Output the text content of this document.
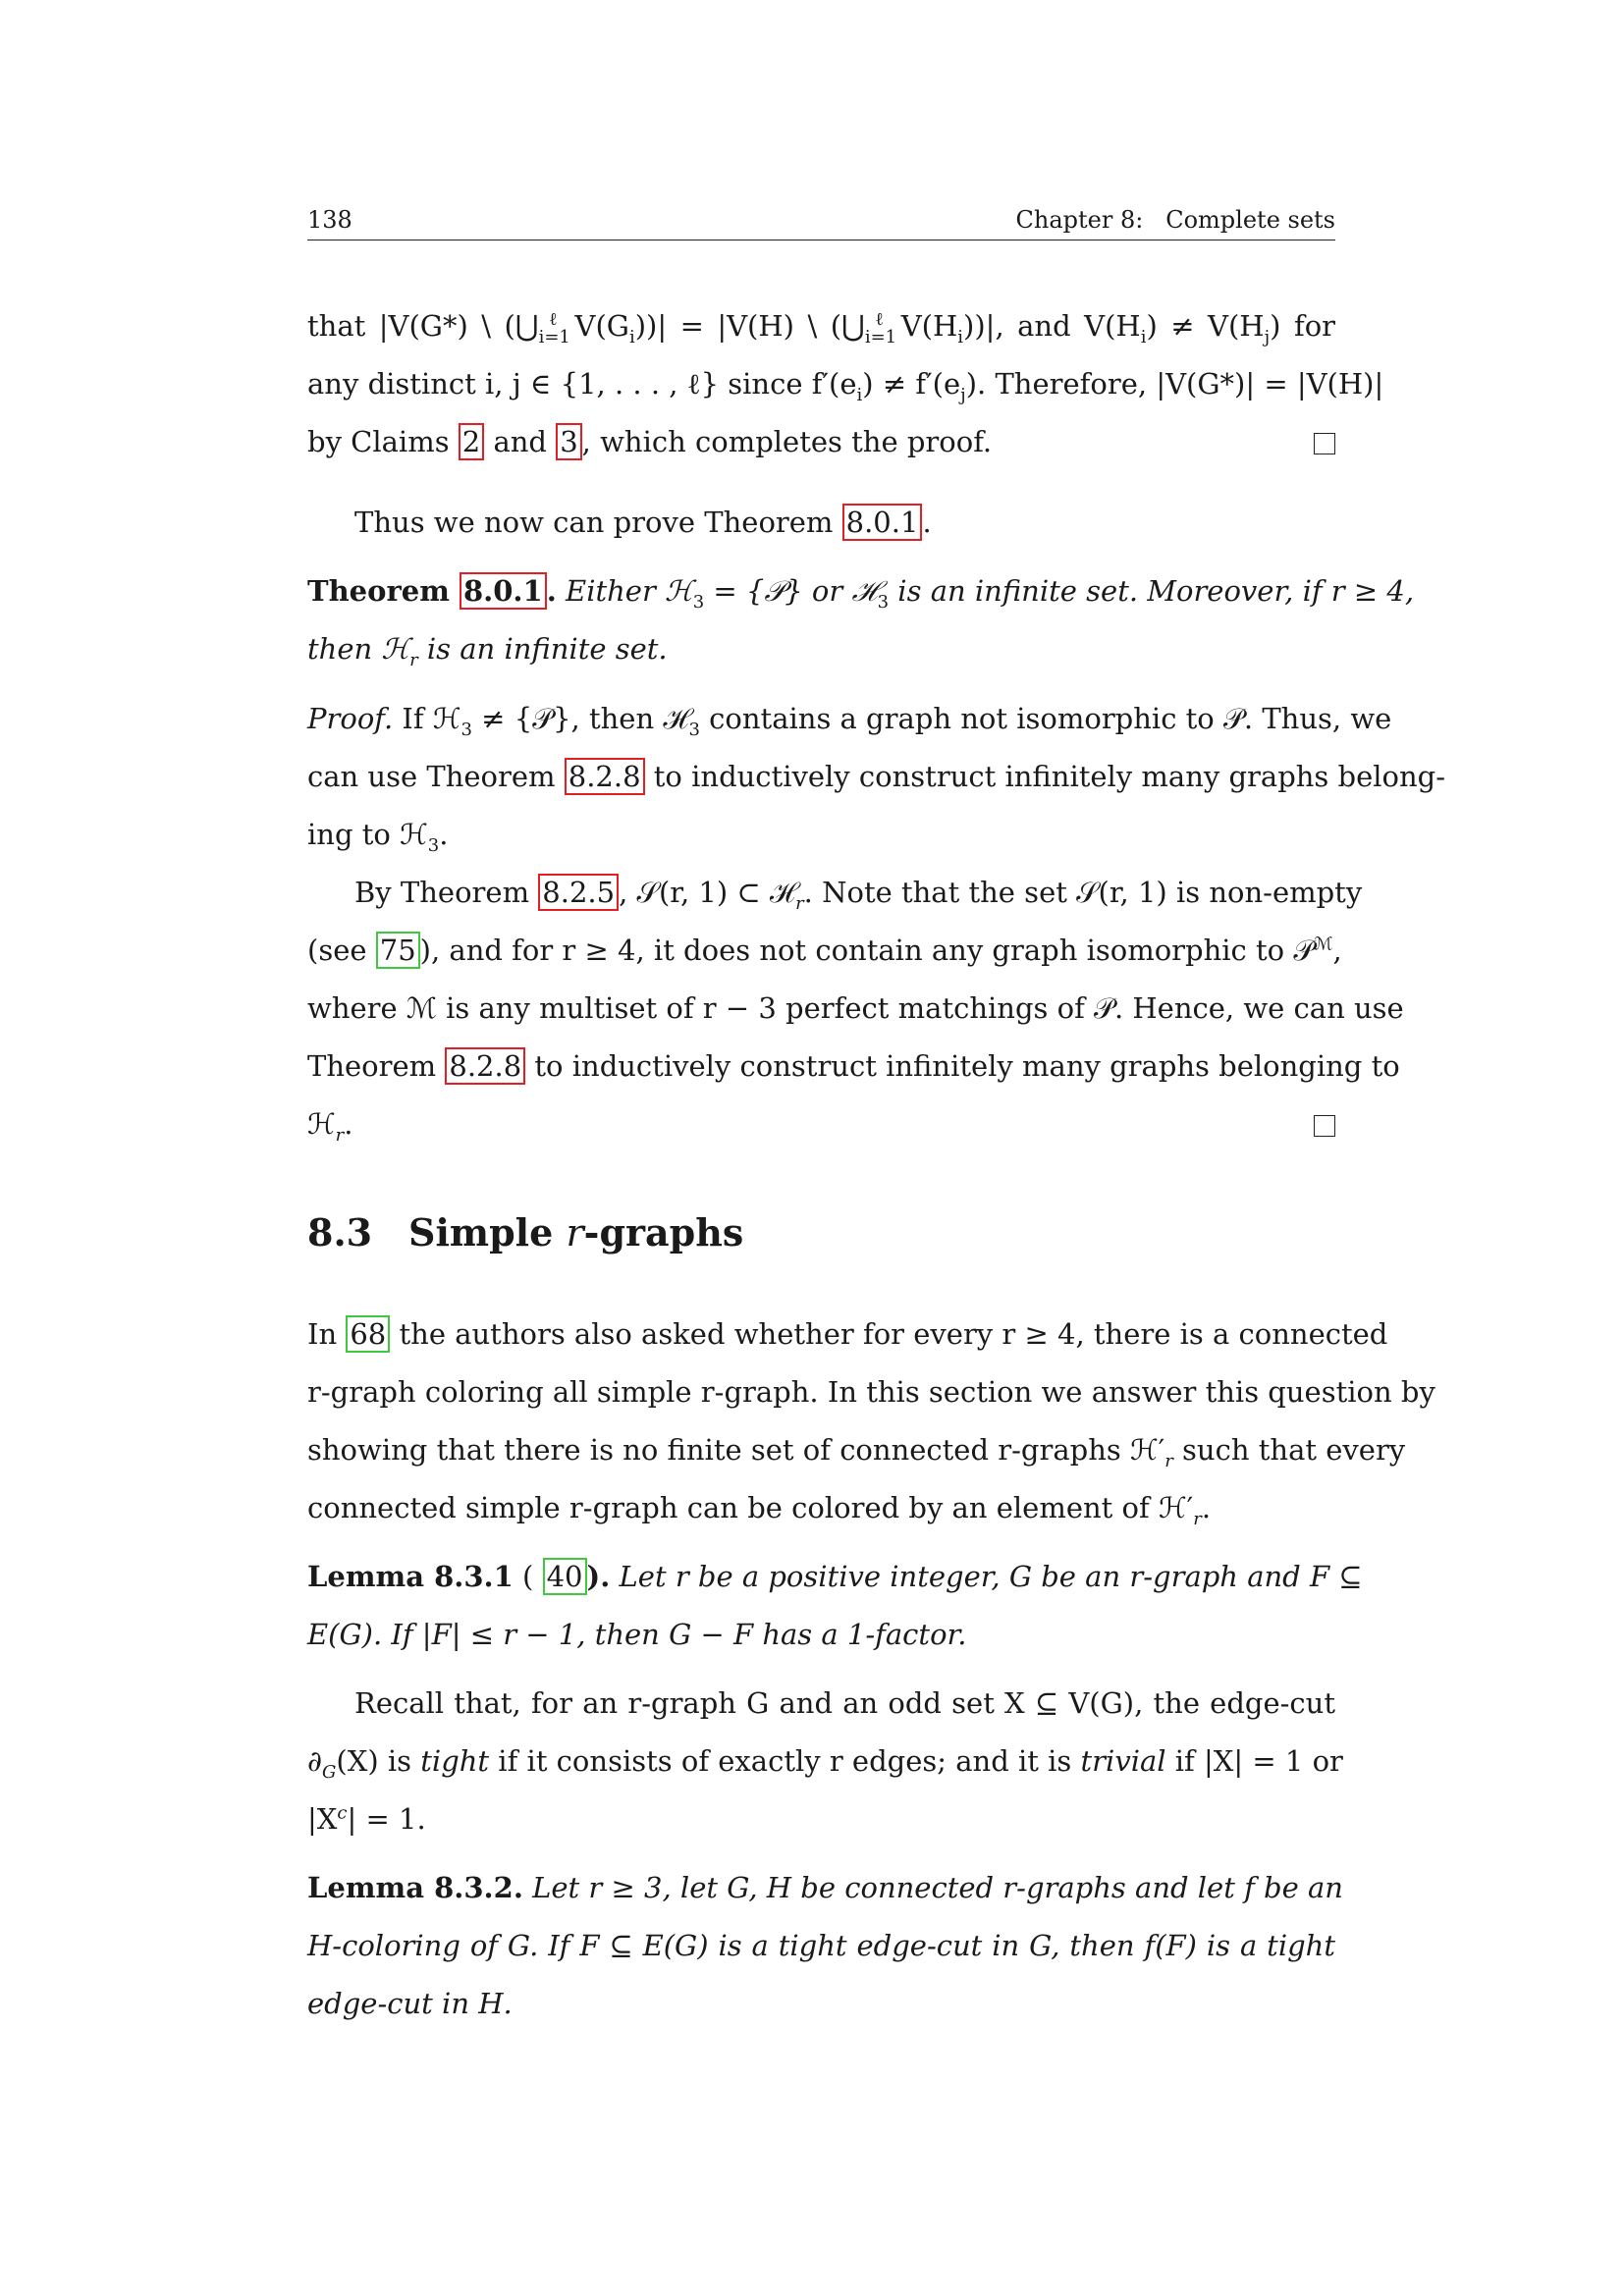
138	Chapter 8:   Complete sets
that |V(G*) \ ($⋃_{i=1}^\ell$ $V(G_i))| = |V(H)$ \ ($⋃_{i=1}^\ell$ $V(H_i))|$, and $V(H_i) \ne V(H_j)$ for
any distinct i, j ∈ {1, . . . , ℓ} since $f'(e_i) \ne f'(e_j)$. Therefore, |V(G*)| = |V(H)|
by Claims 2 and 3 , which completes the proof.
Thus we now can prove Theorem 8.0.1 .
Theorem 8.0.1 . Either ℋ$_3$ = {𝒫} or ℋ$_3$ is an infinite set. Moreover, if r ≥ 4,
then ℋ$_r$ is an infinite set.
Proof. If ℋ$_3$ ≠ {𝒫}, then ℋ$_3$ contains a graph not isomorphic to 𝒫. Thus, we
can use Theorem 8.2.8 to inductively construct infinitely many graphs belong-
ing to ℋ$_3$.
By Theorem 8.2.5 , 𝒮(r, 1) ⊂ ℋ$_r$. Note that the set 𝒮(r, 1) is non-empty
(see 75 ), and for r ≥ 4, it does not contain any graph isomorphic to 𝒫$^ℳ$,
where ℳ is any multiset of r − 3 perfect matchings of 𝒫. Hence, we can use
Theorem 8.2.8 to inductively construct infinitely many graphs belonging to
ℋ$_r$.
8.3 Simple r-graphs
In 68 the authors also asked whether for every r ≥ 4, there is a connected
r-graph coloring all simple r-graph. In this section we answer this question by
showing that there is no finite set of connected r-graphs $ℋ'_r$ such that every
connected simple r-graph can be colored by an element of $ℋ'_r$.
Lemma 8.3.1 ( 40 ). Let r be a positive integer, G be an r-graph and F ⊆
E(G). If |F| ≤ r − 1, then G − F has a 1-factor.
Recall that, for an r-graph G and an odd set X ⊆ V(G), the edge-cut
$\partial_G(X)$ is tight if it consists of exactly r edges; and it is trivial if |X| = 1 or
$|X^c| = 1$.
Lemma 8.3.2. Let r ≥ 3, let G, H be connected r-graphs and let f be an
H-coloring of G. If F ⊆ E(G) is a tight edge-cut in G, then f(F) is a tight
edge-cut in H.
